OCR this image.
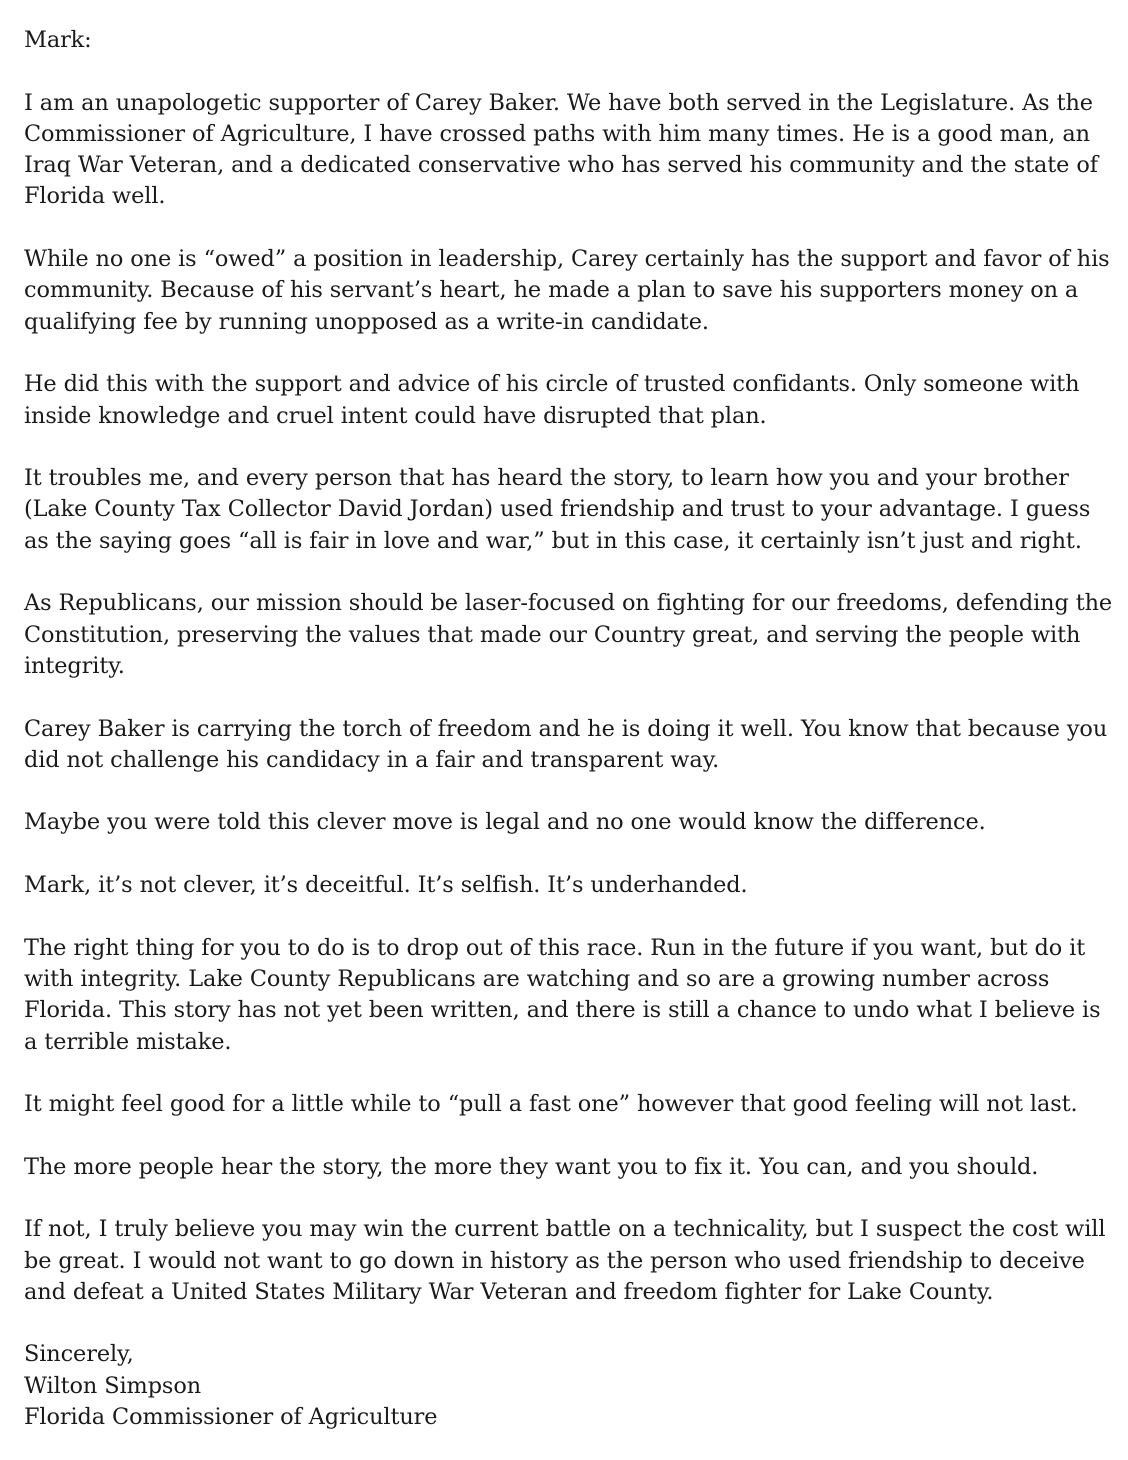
Mark:

I am an unapologetic supporter of Carey Baker. We have both served in the Legislature. As the Commissioner of Agriculture, I have crossed paths with him many times. He is a good man, an Iraq War Veteran, and a dedicated conservative who has served his community and the state of Florida well.

While no one is “owed” a position in leadership, Carey certainly has the support and favor of his community. Because of his servant’s heart, he made a plan to save his supporters money on a qualifying fee by running unopposed as a write-in candidate.

He did this with the support and advice of his circle of trusted confidants. Only someone with inside knowledge and cruel intent could have disrupted that plan.

It troubles me, and every person that has heard the story, to learn how you and your brother (Lake County Tax Collector David Jordan) used friendship and trust to your advantage. I guess as the saying goes “all is fair in love and war,” but in this case, it certainly isn’t just and right.

As Republicans, our mission should be laser-focused on fighting for our freedoms, defending the Constitution, preserving the values that made our Country great, and serving the people with integrity.

Carey Baker is carrying the torch of freedom and he is doing it well. You know that because you did not challenge his candidacy in a fair and transparent way.

Maybe you were told this clever move is legal and no one would know the difference.

Mark, it’s not clever, it’s deceitful. It’s selfish. It’s underhanded.

The right thing for you to do is to drop out of this race. Run in the future if you want, but do it with integrity. Lake County Republicans are watching and so are a growing number across Florida. This story has not yet been written, and there is still a chance to undo what I believe is a terrible mistake.

It might feel good for a little while to “pull a fast one” however that good feeling will not last.

The more people hear the story, the more they want you to fix it. You can, and you should.

If not, I truly believe you may win the current battle on a technicality, but I suspect the cost will be great. I would not want to go down in history as the person who used friendship to deceive and defeat a United States Military War Veteran and freedom fighter for Lake County.

Sincerely,
Wilton Simpson
Florida Commissioner of Agriculture
